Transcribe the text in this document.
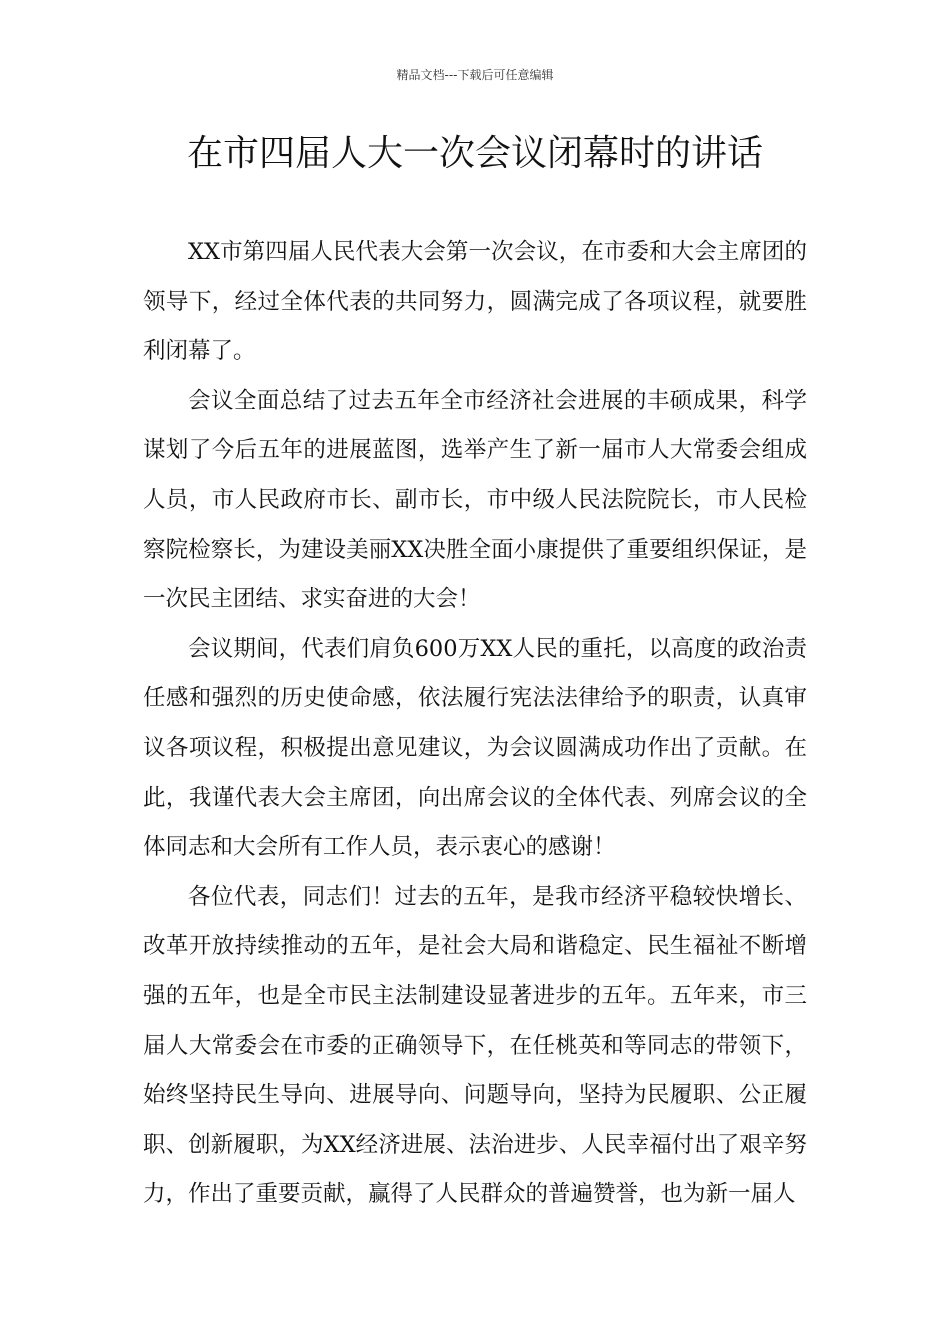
精品文档---下载后可任意编辑
在市四届人大一次会议闭幕时的讲话

XX市第四届人民代表大会第一次会议，在市委和大会主席团的领导下，经过全体代表的共同努力，圆满完成了各项议程，就要胜利闭幕了。

会议全面总结了过去五年全市经济社会进展的丰硕成果，科学谋划了今后五年的进展蓝图，选举产生了新一届市人大常委会组成人员，市人民政府市长、副市长，市中级人民法院院长，市人民检察院检察长，为建设美丽XX决胜全面小康提供了重要组织保证，是一次民主团结、求实奋进的大会！

会议期间，代表们肩负600万XX人民的重托，以高度的政治责任感和强烈的历史使命感，依法履行宪法法律给予的职责，认真审议各项议程，积极提出意见建议，为会议圆满成功作出了贡献。在此，我谨代表大会主席团，向出席会议的全体代表、列席会议的全体同志和大会所有工作人员，表示衷心的感谢！

各位代表，同志们！过去的五年，是我市经济平稳较快增长、改革开放持续推动的五年，是社会大局和谐稳定、民生福祉不断增强的五年，也是全市民主法制建设显著进步的五年。五年来，市三届人大常委会在市委的正确领导下，在任桃英和等同志的带领下，始终坚持民生导向、进展导向、问题导向，坚持为民履职、公正履职、创新履职，为XX经济进展、法治进步、人民幸福付出了艰辛努力，作出了重要贡献，赢得了人民群众的普遍赞誉，也为新一届人
